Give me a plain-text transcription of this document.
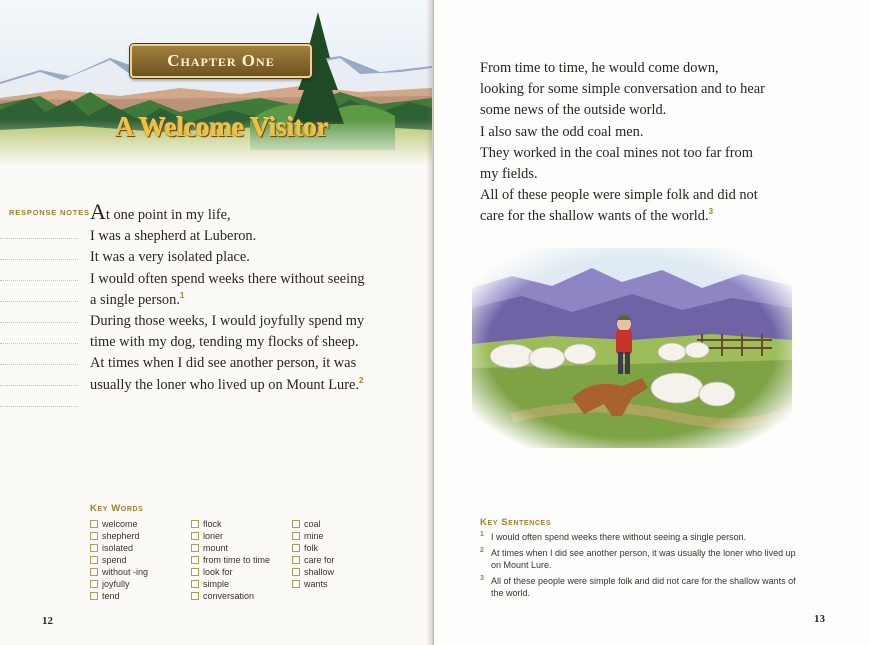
Chapter One
A Welcome Visitor
RESPONSE NOTES At one point in my life,
I was a shepherd at Luberon.
It was a very isolated place.
I would often spend weeks there without seeing
a single person.$^1$
During those weeks, I would joyfully spend my
time with my dog, tending my flocks of sheep.
At times when I did see another person, it was
usually the loner who lived up on Mount Lure.$^2$
Key Words
welcome
shepherd
isolated
spend
without -ing
joyfully
tend
flock
loner
mount
from time to time
look for
simple
conversation
coal
mine
folk
care for
shallow
wants
12
From time to time, he would come down,
looking for some simple conversation and to hear
some news of the outside world.
I also saw the odd coal men.
They worked in the coal mines not too far from
my fields.
All of these people were simple folk and did not
care for the shallow wants of the world.$^3$
Key Sentences
1 I would often spend weeks there without seeing a single person.
2 At times when I did see another person, it was usually the loner who lived up on Mount Lure.
3 All of these people were simple folk and did not care for the shallow wants of the world.
13
